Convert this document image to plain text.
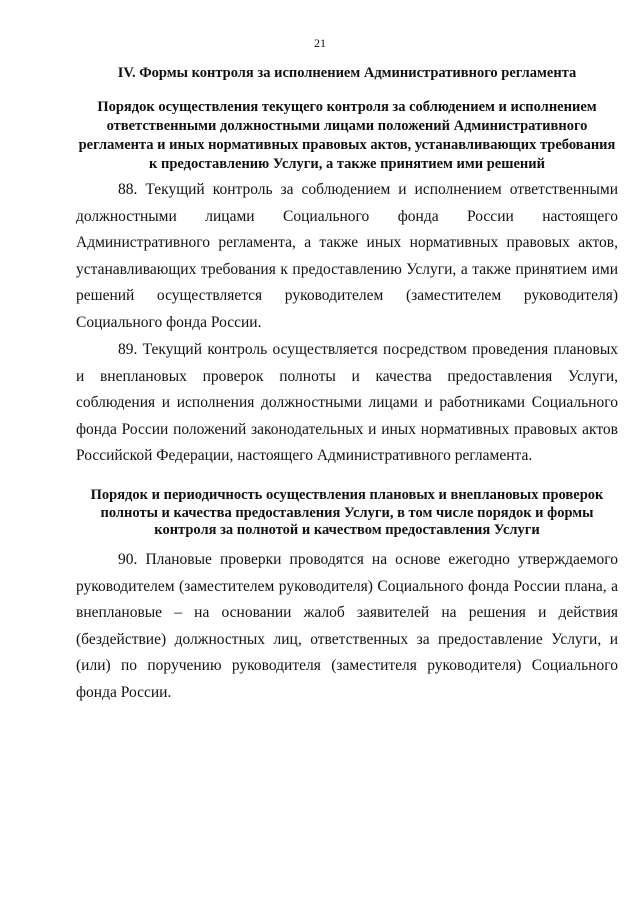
21
IV. Формы контроля за исполнением Административного регламента
Порядок осуществления текущего контроля за соблюдением и исполнением ответственными должностными лицами положений Административного регламента и иных нормативных правовых актов, устанавливающих требования к предоставлению Услуги, а также принятием ими решений

88. Текущий контроль за соблюдением и исполнением ответственными должностными лицами Социального фонда России настоящего Административного регламента, а также иных нормативных правовых актов, устанавливающих требования к предоставлению Услуги, а также принятием ими решений осуществляется руководителем (заместителем руководителя) Социального фонда России.

89. Текущий контроль осуществляется посредством проведения плановых и внеплановых проверок полноты и качества предоставления Услуги, соблюдения и исполнения должностными лицами и работниками Социального фонда России положений законодательных и иных нормативных правовых актов Российской Федерации, настоящего Административного регламента.

Порядок и периодичность осуществления плановых и внеплановых проверок полноты и качества предоставления Услуги, в том числе порядок и формы контроля за полнотой и качеством предоставления Услуги

90. Плановые проверки проводятся на основе ежегодно утверждаемого руководителем (заместителем руководителя) Социального фонда России плана, а внеплановые – на основании жалоб заявителей на решения и действия (бездействие) должностных лиц, ответственных за предоставление Услуги, и (или) по поручению руководителя (заместителя руководителя) Социального фонда России.
